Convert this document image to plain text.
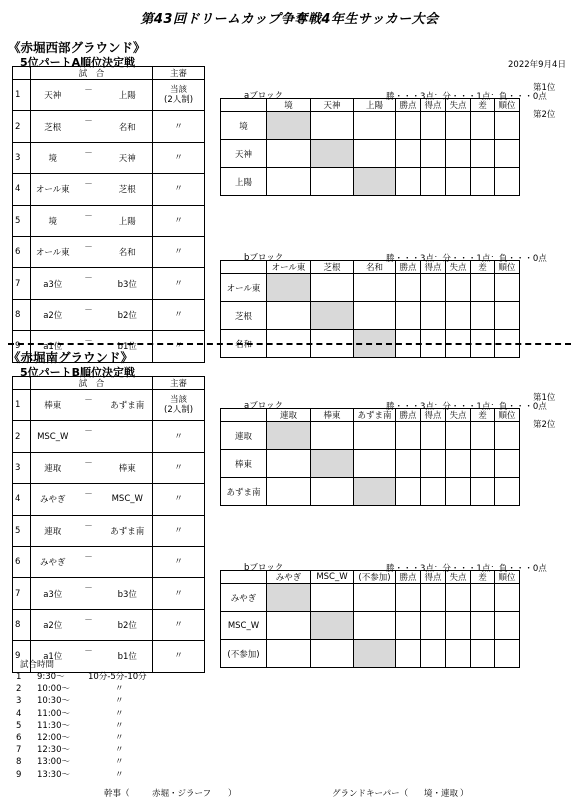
第43回ドリームカップ争奪戦4年生サッカー大会
2022年9月4日
《赤堀西部グラウンド》
5位パートA順位決定戦
	試　合			主審
1	天神	－	上陽	当該
(2人制)
2	芝根	－	名和	〃
3	境	－	天神	〃
4	オール東	－	芝根	〃
5	境	－	上陽	〃
6	オール東	－	名和	〃
7	a3位	－	b3位	〃
8	a2位	－	b2位	〃
9	a1位	－	b1位	〃
aブロック	勝・・・3点：分・・・1点：負・・・0点
	境	天神	上陽	勝点	得点	失点	差	順位
境								
天神								
上陽								
bブロック	勝・・・3点：分・・・1点：負・・・0点
	オール東	芝根	名和	勝点	得点	失点	差	順位
オール東								
芝根								
名和								
第1位
第2位
《赤堀南グラウンド》
5位パートB順位決定戦
	試　合			主審
1	棒東	－	あずま南	当該
(2人制)
2	MSC_W	－		〃
3	連取	－	棒東	〃
4	みやぎ	－	MSC_W	〃
5	連取	－	あずま南	〃
6	みやぎ	－		〃
7	a3位	－	b3位	〃
8	a2位	－	b2位	〃
9	a1位	－	b1位	〃
aブロック	勝・・・3点：分・・・1点：負・・・0点
	連取	棒東	あずま南	勝点	得点	失点	差	順位
連取								
棒東								
あずま南								
bブロック	勝・・・3点：分・・・1点：負・・・0点
	みやぎ	MSC_W	(不参加)	勝点	得点	失点	差	順位
みやぎ								
MSC_W								
(不参加)								
第1位
第2位
試合時間
1 9:30～	10分-5分-10分
2 10:00～	〃
3 10:30～	〃
4 11:00～	〃
5 11:30～	〃
6 12:00～	〃
7 12:30～	〃
8 13:00～	〃
9 13:30～	〃
幹事（	赤堀・ジラーフ ）	グランドキーパー（ 境・連取 ）
